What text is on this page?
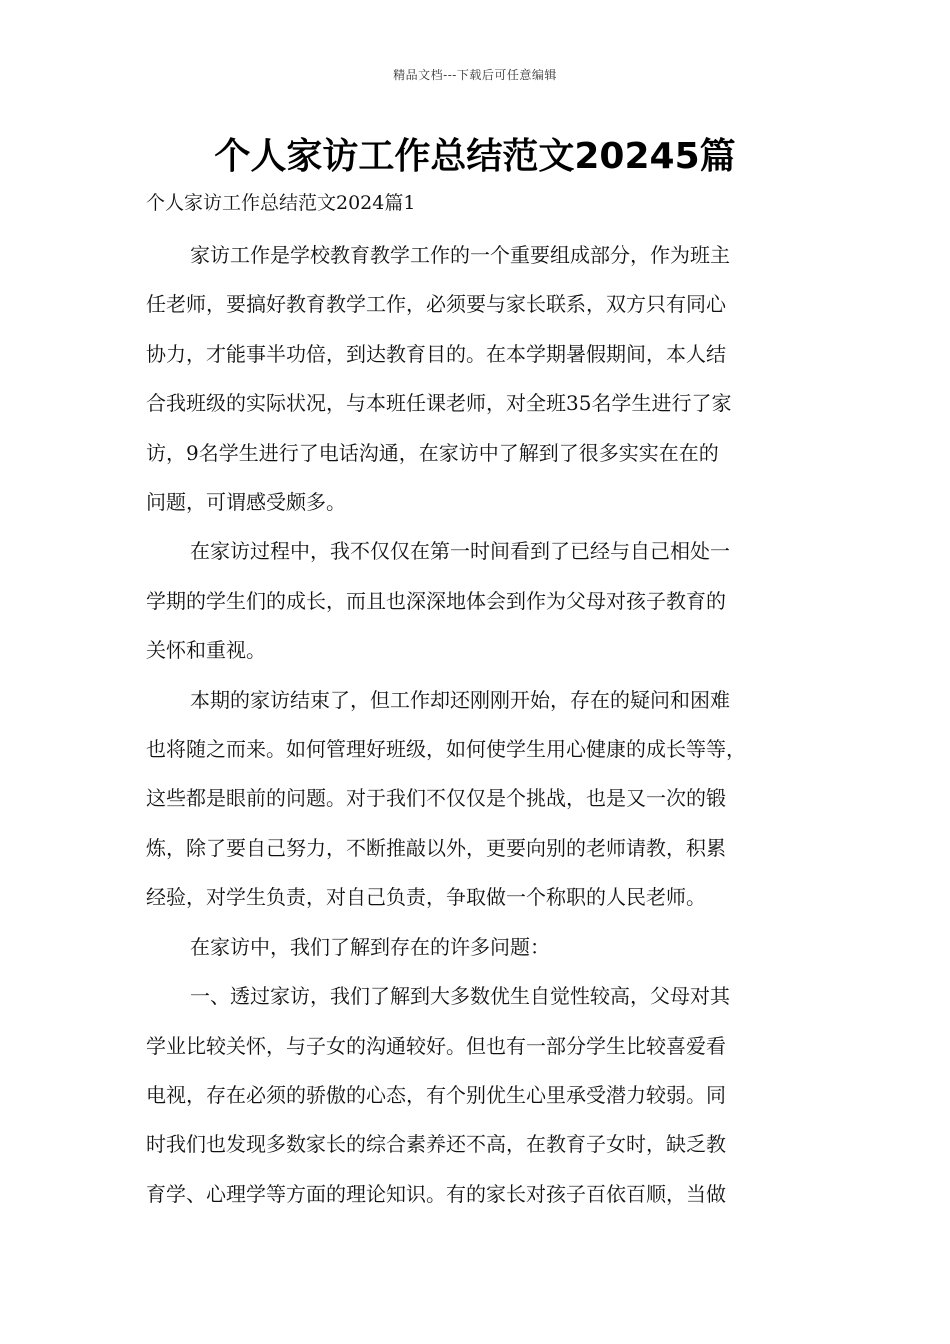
精品文档---下载后可任意编辑
个人家访工作总结范文20245篇
个人家访工作总结范文2024篇1

家访工作是学校教育教学工作的一个重要组成部分，作为班主
任老师，要搞好教育教学工作，必须要与家长联系，双方只有同心
协力，才能事半功倍，到达教育目的。在本学期暑假期间，本人结
合我班级的实际状况，与本班任课老师，对全班35名学生进行了家
访，9名学生进行了电话沟通，在家访中了解到了很多实实在在的
问题，可谓感受颇多。

在家访过程中，我不仅仅在第一时间看到了已经与自己相处一
学期的学生们的成长，而且也深深地体会到作为父母对孩子教育的
关怀和重视。

本期的家访结束了，但工作却还刚刚开始，存在的疑问和困难
也将随之而来。如何管理好班级，如何使学生用心健康的成长等等，
这些都是眼前的问题。对于我们不仅仅是个挑战，也是又一次的锻
炼，除了要自己努力，不断推敲以外，更要向别的老师请教，积累
经验，对学生负责，对自己负责，争取做一个称职的人民老师。

在家访中，我们了解到存在的许多问题：

一、透过家访，我们了解到大多数优生自觉性较高，父母对其
学业比较关怀，与子女的沟通较好。但也有一部分学生比较喜爱看
电视，存在必须的骄傲的心态，有个别优生心里承受潜力较弱。同
时我们也发现多数家长的综合素养还不高，在教育子女时，缺乏教
育学、心理学等方面的理论知识。有的家长对孩子百依百顺，当做
